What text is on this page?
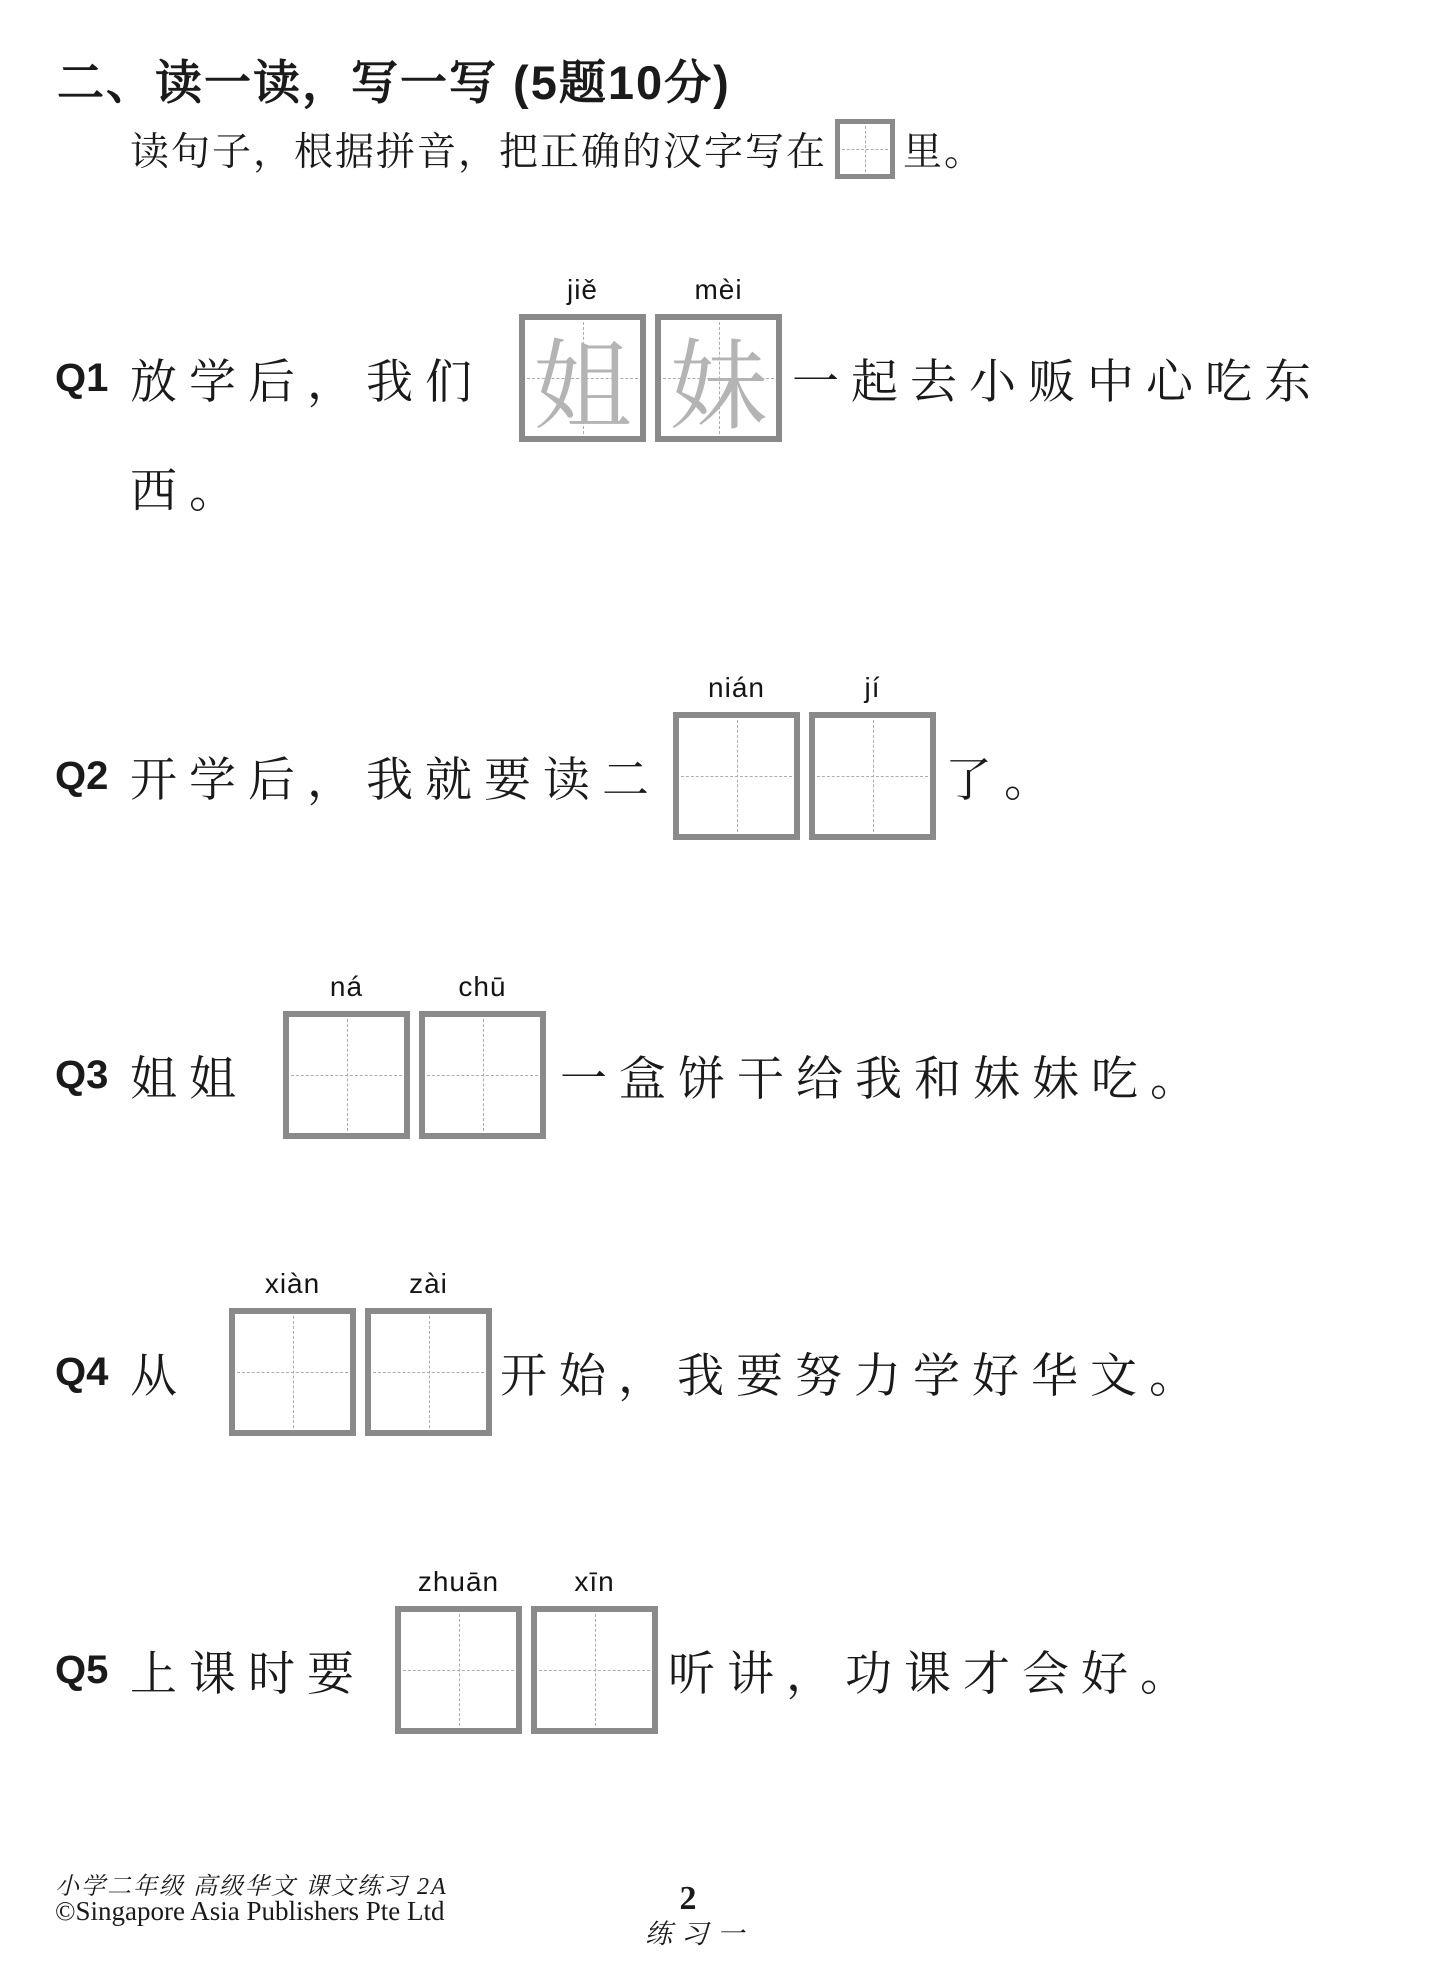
二、读一读，写一写 (5题10分)
读句子，根据拼音，把正确的汉字写在 里。
Q1 放学后，我们
jiě
姐
mèi
妹 一起去小贩中心吃东
西。
Q2 开学后，我就要读二
nián	jí
了。
Q3 姐姐
ná	chū
一盒饼干给我和妹妹吃。
Q4 从
xiàn	zài
开始，我要努力学好华文。
Q5 上课时要
zhuān	xīn
听讲，功课才会好。
小学二年级 高级华文 课文练习 2A
©Singapore Asia Publishers Pte Ltd	2
练习一
